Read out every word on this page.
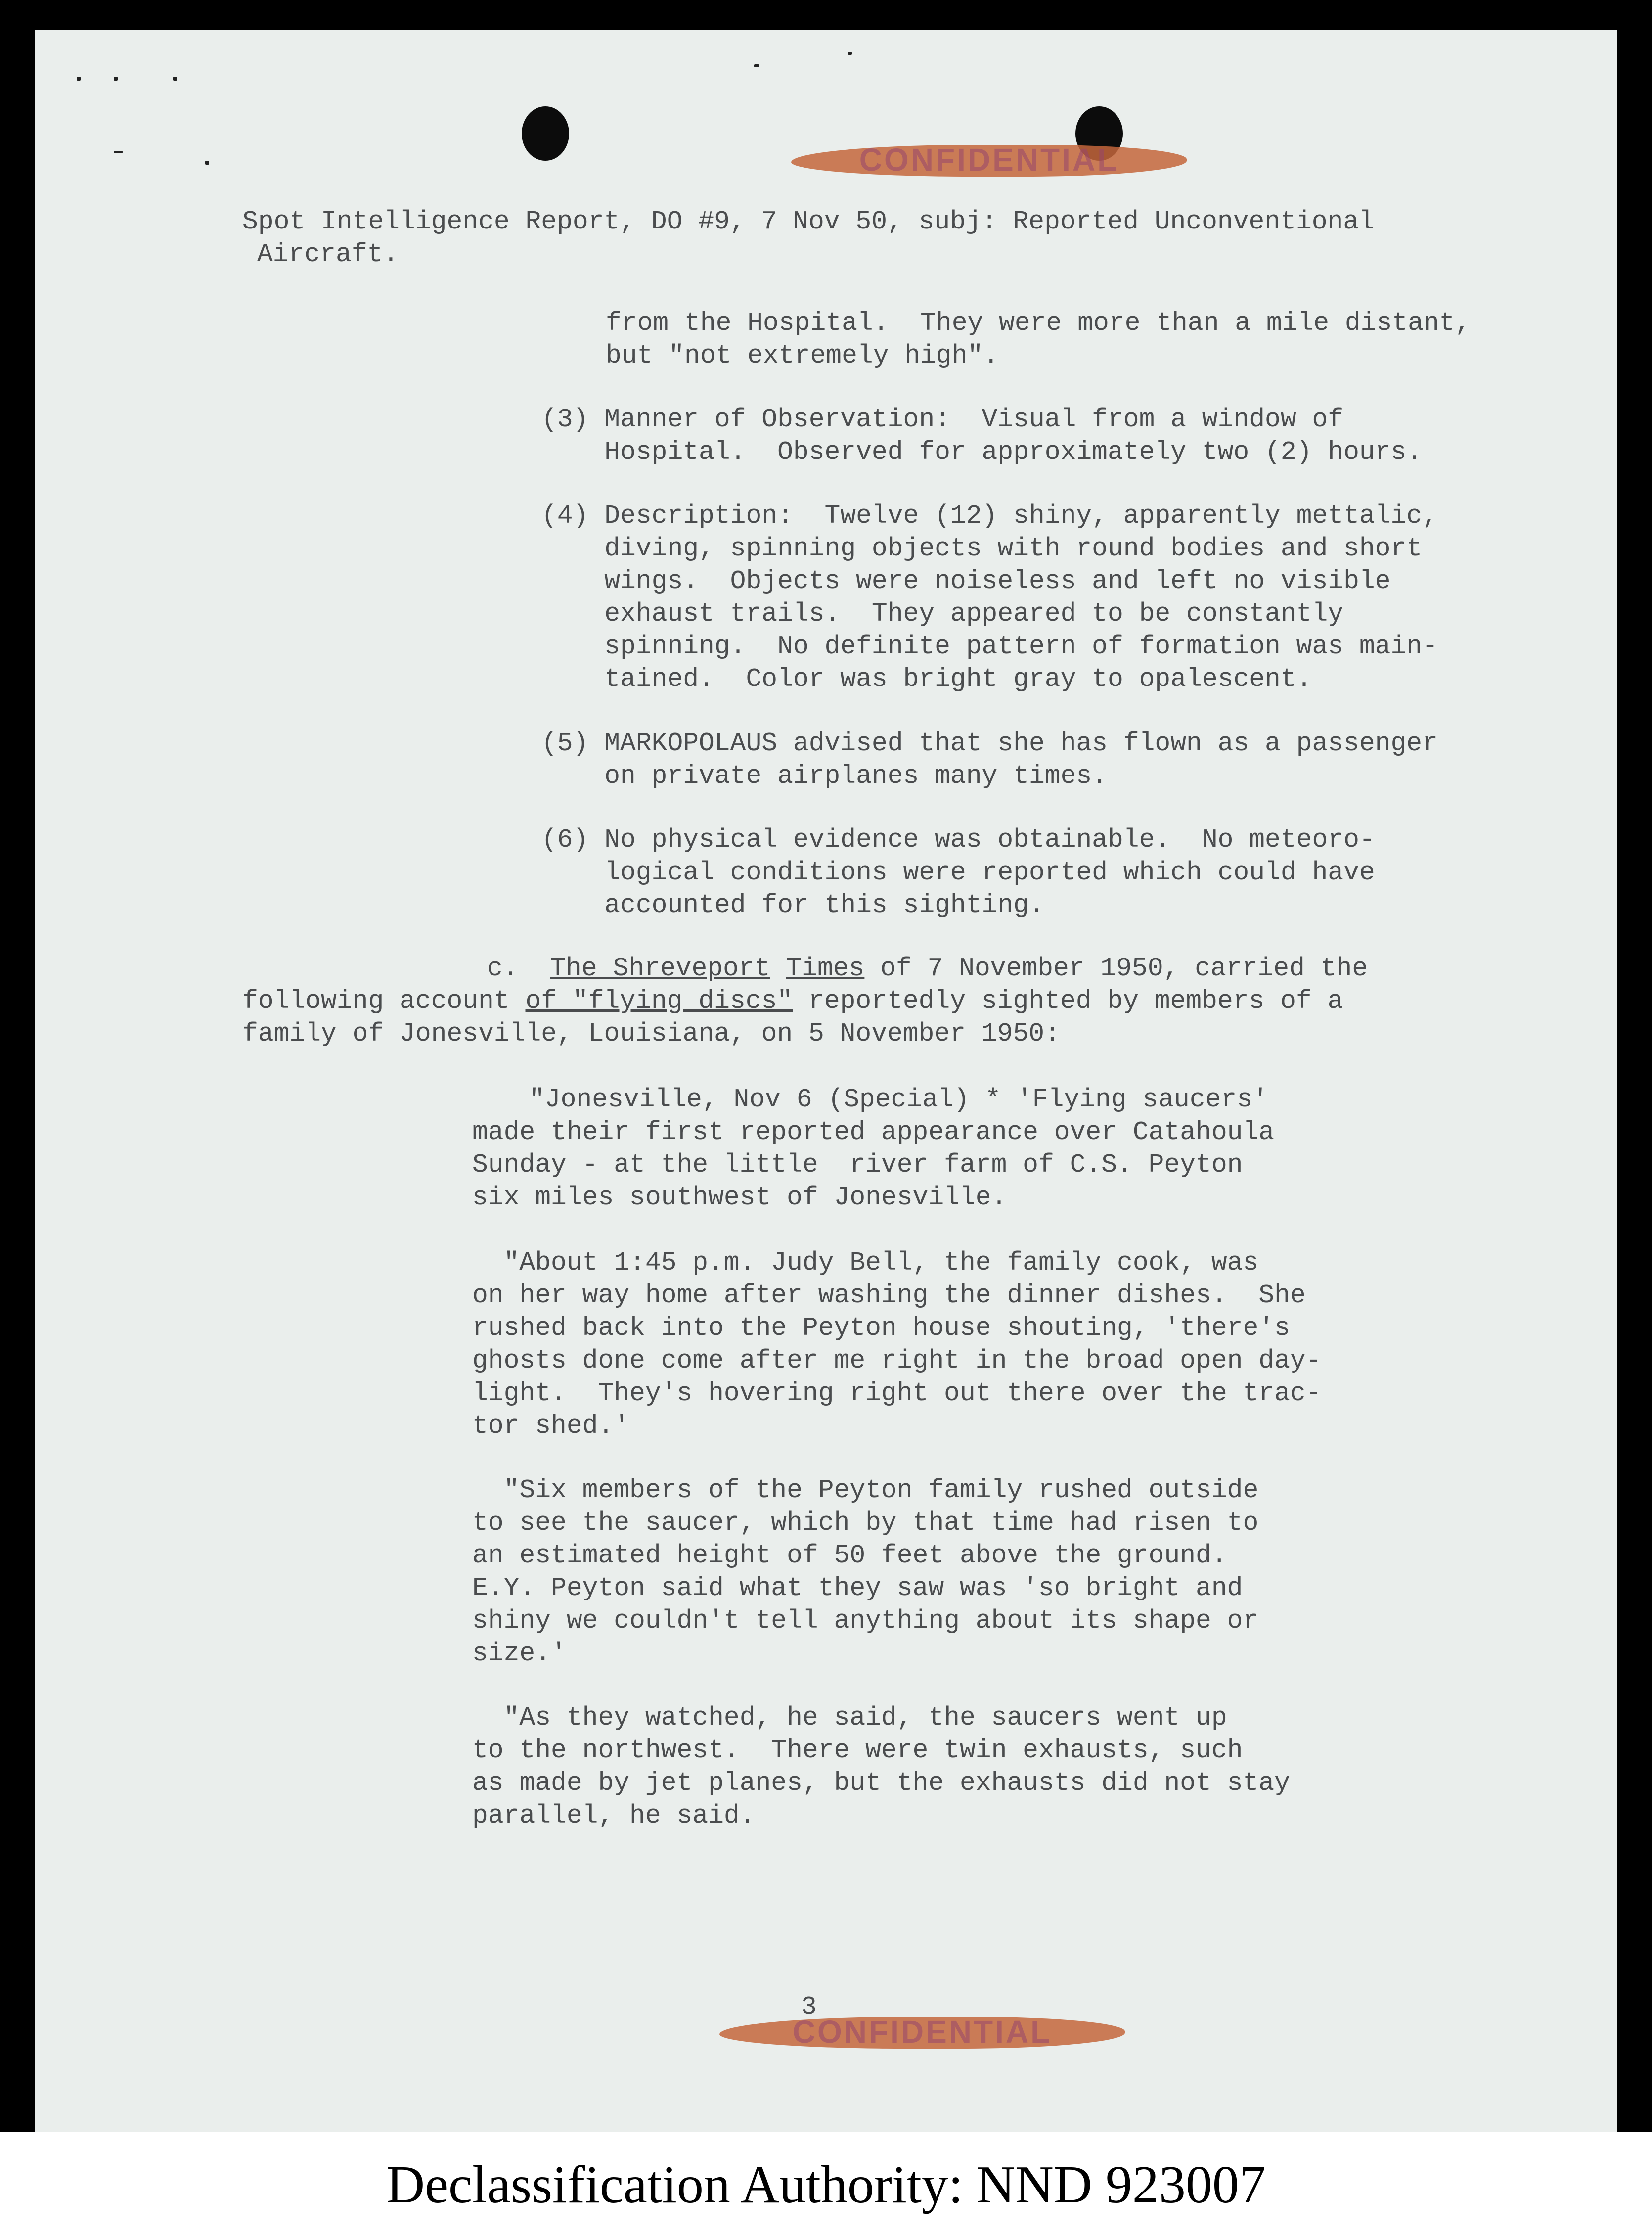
CONFIDENTIAL

Spot Intelligence Report, DO #9, 7 Nov 50, subj: Reported Unconventional

Aircraft.

from the Hospital.  They were more than a mile distant,

but "not extremely high".

(3) Manner of Observation:  Visual from a window of

Hospital.  Observed for approximately two (2) hours.

(4) Description:  Twelve (12) shiny, apparently mettalic,

diving, spinning objects with round bodies and short

wings.  Objects were noiseless and left no visible

exhaust trails.  They appeared to be constantly

spinning.  No definite pattern of formation was main-

tained.  Color was bright gray to opalescent.

(5) MARKOPOLAUS advised that she has flown as a passenger

on private airplanes many times.

(6) No physical evidence was obtainable.  No meteoro-

logical conditions were reported which could have

accounted for this sighting.

c.  The Shreveport Times of 7 November 1950, carried the

following account of "flying discs" reportedly sighted by members of a

family of Jonesville, Louisiana, on 5 November 1950:

"Jonesville, Nov 6 (Special) * 'Flying saucers'

made their first reported appearance over Catahoula

Sunday - at the little  river farm of C.S. Peyton

six miles southwest of Jonesville.

"About 1:45 p.m. Judy Bell, the family cook, was

on her way home after washing the dinner dishes.  She

rushed back into the Peyton house shouting, 'there's

ghosts done come after me right in the broad open day-

light.  They's hovering right out there over the trac-

tor shed.'

"Six members of the Peyton family rushed outside

to see the saucer, which by that time had risen to

an estimated height of 50 feet above the ground.

E.Y. Peyton said what they saw was 'so bright and

shiny we couldn't tell anything about its shape or

size.'

"As they watched, he said, the saucers went up

to the northwest.  There were twin exhausts, such

as made by jet planes, but the exhausts did not stay

parallel, he said.

CONFIDENTIAL

3

Declassification Authority: NND 923007
